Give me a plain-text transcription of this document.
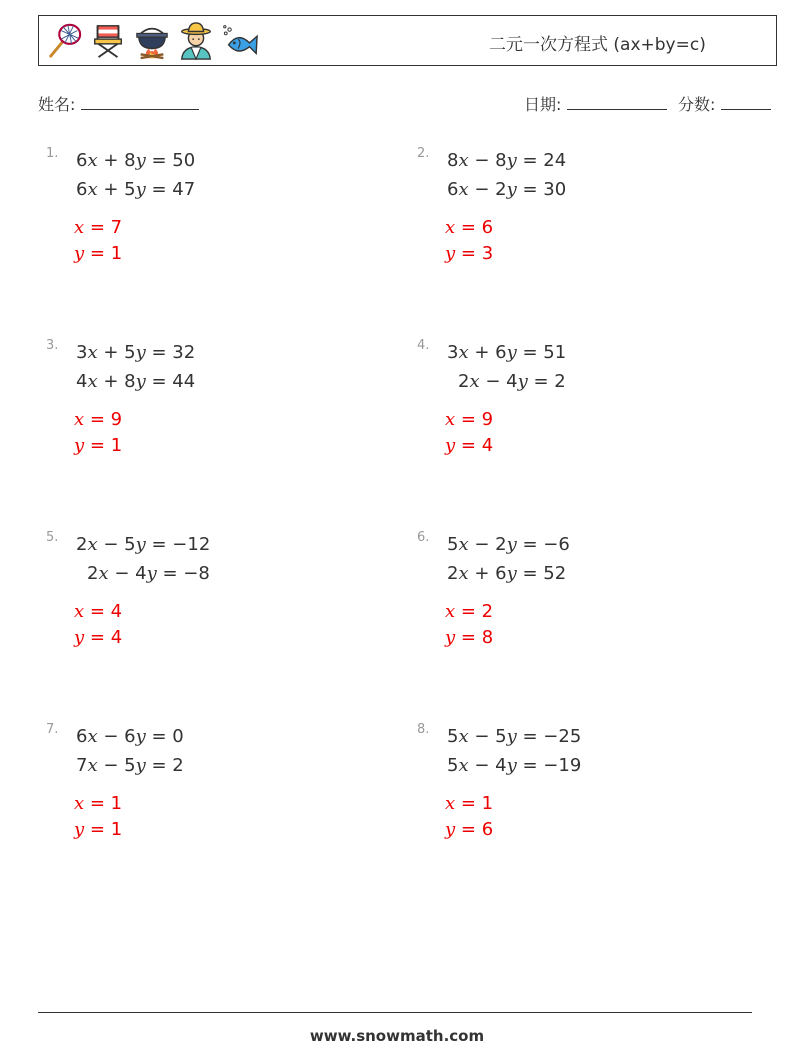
二元一次方程式 (ax+by=c)
姓名:	日期:	分数:
1. 6x + 8y = 50
6x + 5y = 47
x = 7
y = 1
2. 8x − 8y = 24
6x − 2y = 30
x = 6
y = 3
3. 3x + 5y = 32
4x + 8y = 44
x = 9
y = 1
4. 3x + 6y = 51
2x − 4y = 2
x = 9
y = 4
5. 2x − 5y = −12
2x − 4y = −8
x = 4
y = 4
6. 5x − 2y = −6
2x + 6y = 52
x = 2
y = 8
7. 6x − 6y = 0
7x − 5y = 2
x = 1
y = 1
8. 5x − 5y = −25
5x − 4y = −19
x = 1
y = 6
www.snowmath.com
